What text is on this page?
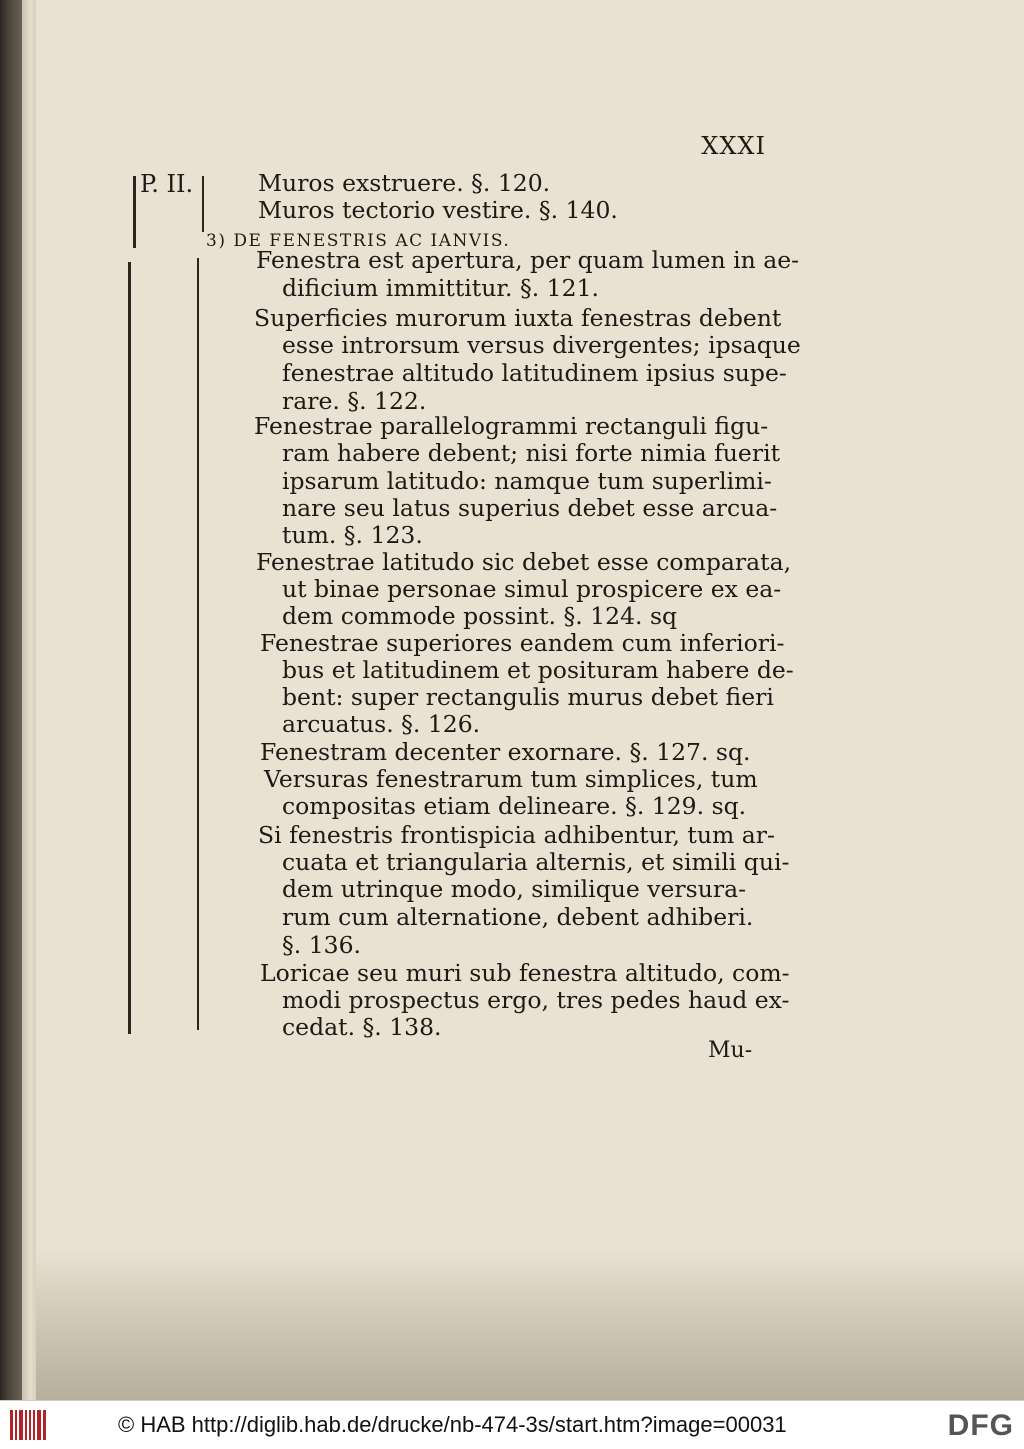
XXXI
P. II.	Muros exstruere. §. 120.
Muros tectorio vestire. §. 140.
3) DE FENESTRIS AC IANVIS.
Fenestra est apertura, per quam lumen in ae-
dificium immittitur. §. 121.
Superficies murorum iuxta fenestras debent
esse introrsum versus divergentes; ipsaque
fenestrae altitudo latitudinem ipsius supe-
rare. §. 122.
Fenestrae parallelogrammi rectanguli figu-
ram habere debent; nisi forte nimia fuerit
ipsarum latitudo: namque tum superlimi-
nare seu latus superius debet esse arcua-
tum. §. 123.
Fenestrae latitudo sic debet esse comparata,
ut binae personae simul prospicere ex ea-
dem commode possint. §. 124. sq
Fenestrae superiores eandem cum inferiori-
bus et latitudinem et posituram habere de-
bent: super rectangulis murus debet fieri
arcuatus. §. 126.
Fenestram decenter exornare. §. 127. sq.
Versuras fenestrarum tum simplices, tum
compositas etiam delineare. §. 129. sq.
Si fenestris frontispicia adhibentur, tum ar-
cuata et triangularia alternis, et simili qui-
dem utrinque modo, similique versura-
rum cum alternatione, debent adhiberi.
§. 136.
Loricae seu muri sub fenestra altitudo, com-
modi prospectus ergo, tres pedes haud ex-
cedat. §. 138.
Mu-
© HAB http://diglib.hab.de/drucke/nb-474-3s/start.htm?image=00031	DFG
